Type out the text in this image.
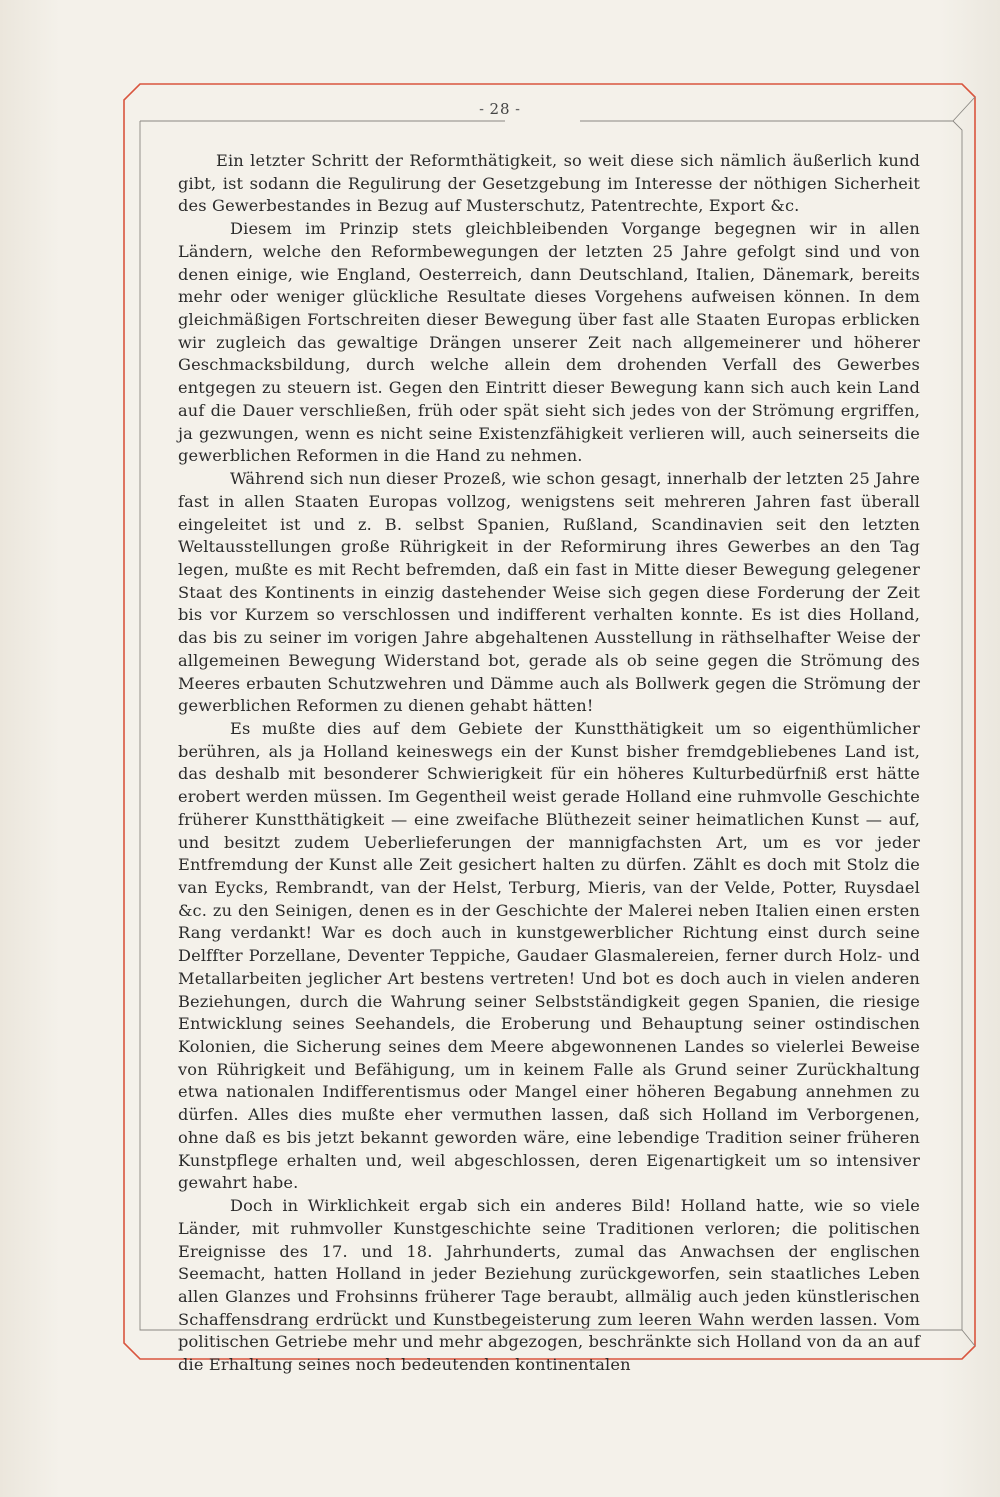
⁃ 28 ⁃

Ein letzter Schritt der Reformthätigkeit, so weit diese sich nämlich äußerlich kund gibt, ist sodann die Regulirung der Gesetzgebung im Interesse der nöthigen Sicherheit des Gewerbestandes in Bezug auf Musterschutz, Patentrechte, Export &c.

Diesem im Prinzip stets gleichbleibenden Vorgange begegnen wir in allen Ländern, welche den Reformbewegungen der letzten 25 Jahre gefolgt sind und von denen einige, wie England, Oesterreich, dann Deutschland, Italien, Dänemark, bereits mehr oder weniger glückliche Resultate dieses Vorgehens aufweisen können. In dem gleichmäßigen Fortschreiten dieser Bewegung über fast alle Staaten Europas erblicken wir zugleich das gewaltige Drängen unserer Zeit nach allgemeinerer und höherer Geschmacksbildung, durch welche allein dem drohenden Verfall des Gewerbes entgegen zu steuern ist. Gegen den Eintritt dieser Bewegung kann sich auch kein Land auf die Dauer verschließen, früh oder spät sieht sich jedes von der Strömung ergriffen, ja gezwungen, wenn es nicht seine Existenzfähigkeit verlieren will, auch seinerseits die gewerblichen Reformen in die Hand zu nehmen.

Während sich nun dieser Prozeß, wie schon gesagt, innerhalb der letzten 25 Jahre fast in allen Staaten Europas vollzog, wenigstens seit mehreren Jahren fast überall eingeleitet ist und z. B. selbst Spanien, Rußland, Scandinavien seit den letzten Weltausstellungen große Rührigkeit in der Reformirung ihres Gewerbes an den Tag legen, mußte es mit Recht befremden, daß ein fast in Mitte dieser Bewegung gelegener Staat des Kontinents in einzig dastehender Weise sich gegen diese Forderung der Zeit bis vor Kurzem so verschlossen und indifferent verhalten konnte. Es ist dies Holland, das bis zu seiner im vorigen Jahre abgehaltenen Ausstellung in räthselhafter Weise der allgemeinen Bewegung Widerstand bot, gerade als ob seine gegen die Strömung des Meeres erbauten Schutzwehren und Dämme auch als Bollwerk gegen die Strömung der gewerblichen Reformen zu dienen gehabt hätten!

Es mußte dies auf dem Gebiete der Kunstthätigkeit um so eigenthümlicher berühren, als ja Holland keineswegs ein der Kunst bisher fremdgebliebenes Land ist, das deshalb mit besonderer Schwierigkeit für ein höheres Kulturbedürfniß erst hätte erobert werden müssen. Im Gegentheil weist gerade Holland eine ruhmvolle Geschichte früherer Kunstthätigkeit — eine zweifache Blüthezeit seiner heimatlichen Kunst — auf, und besitzt zudem Ueberlieferungen der mannigfachsten Art, um es vor jeder Entfremdung der Kunst alle Zeit gesichert halten zu dürfen. Zählt es doch mit Stolz die van Eycks, Rembrandt, van der Helst, Terburg, Mieris, van der Velde, Potter, Ruysdael &c. zu den Seinigen, denen es in der Geschichte der Malerei neben Italien einen ersten Rang verdankt! War es doch auch in kunstgewerblicher Richtung einst durch seine Delffter Porzellane, Deventer Teppiche, Gaudaer Glasmalereien, ferner durch Holz- und Metallarbeiten jeglicher Art bestens vertreten! Und bot es doch auch in vielen anderen Beziehungen, durch die Wahrung seiner Selbstständigkeit gegen Spanien, die riesige Entwicklung seines Seehandels, die Eroberung und Behauptung seiner ostindischen Kolonien, die Sicherung seines dem Meere abgewonnenen Landes so vielerlei Beweise von Rührigkeit und Befähigung, um in keinem Falle als Grund seiner Zurückhaltung etwa nationalen Indifferentismus oder Mangel einer höheren Begabung annehmen zu dürfen. Alles dies mußte eher vermuthen lassen, daß sich Holland im Verborgenen, ohne daß es bis jetzt bekannt geworden wäre, eine lebendige Tradition seiner früheren Kunstpflege erhalten und, weil abgeschlossen, deren Eigenartigkeit um so intensiver gewahrt habe.

Doch in Wirklichkeit ergab sich ein anderes Bild! Holland hatte, wie so viele Länder, mit ruhmvoller Kunstgeschichte seine Traditionen verloren; die politischen Ereignisse des 17. und 18. Jahrhunderts, zumal das Anwachsen der englischen Seemacht, hatten Holland in jeder Beziehung zurückgeworfen, sein staatliches Leben allen Glanzes und Frohsinns früherer Tage beraubt, allmälig auch jeden künstlerischen Schaffensdrang erdrückt und Kunstbegeisterung zum leeren Wahn werden lassen. Vom politischen Getriebe mehr und mehr abgezogen, beschränkte sich Holland von da an auf die Erhaltung seines noch bedeutenden kontinentalen
